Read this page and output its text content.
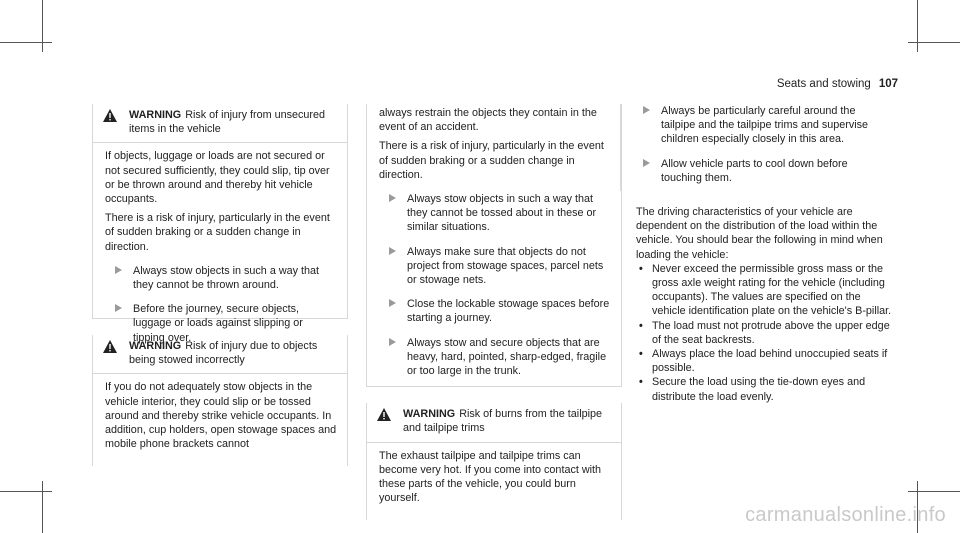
Seats and stowing 107
WARNING Risk of injury from unsecured items in the vehicle

If objects, luggage or loads are not secured or not secured sufficiently, they could slip, tip over or be thrown around and thereby hit vehicle occupants.

There is a risk of injury, particularly in the event of sudden braking or a sudden change in direction.

Always stow objects in such a way that they cannot be thrown around.
Before the journey, secure objects, luggage or loads against slipping or tipping over.
WARNING Risk of injury due to objects being stowed incorrectly

If you do not adequately stow objects in the vehicle interior, they could slip or be tossed around and thereby strike vehicle occupants. In addition, cup holders, open stowage spaces and mobile phone brackets cannot

always restrain the objects they contain in the event of an accident.

There is a risk of injury, particularly in the event of sudden braking or a sudden change in direction.

Always stow objects in such a way that they cannot be tossed about in these or similar situations.
Always make sure that objects do not project from stowage spaces, parcel nets or stowage nets.
Close the lockable stowage spaces before starting a journey.
Always stow and secure objects that are heavy, hard, pointed, sharp-edged, fragile or too large in the trunk.
WARNING Risk of burns from the tailpipe and tailpipe trims

The exhaust tailpipe and tailpipe trims can become very hot. If you come into contact with these parts of the vehicle, you could burn yourself.

Always be particularly careful around the tailpipe and the tailpipe trims and supervise children especially closely in this area.
Allow vehicle parts to cool down before touching them.

The driving characteristics of your vehicle are dependent on the distribution of the load within the vehicle. You should bear the following in mind when loading the vehicle:

• Never exceed the permissible gross mass or the gross axle weight rating for the vehicle (including occupants). The values are specified on the vehicle identification plate on the vehicle's B-pillar.
• The load must not protrude above the upper edge of the seat backrests.
• Always place the load behind unoccupied seats if possible.
• Secure the load using the tie-down eyes and distribute the load evenly.
carmanualsonline.info
